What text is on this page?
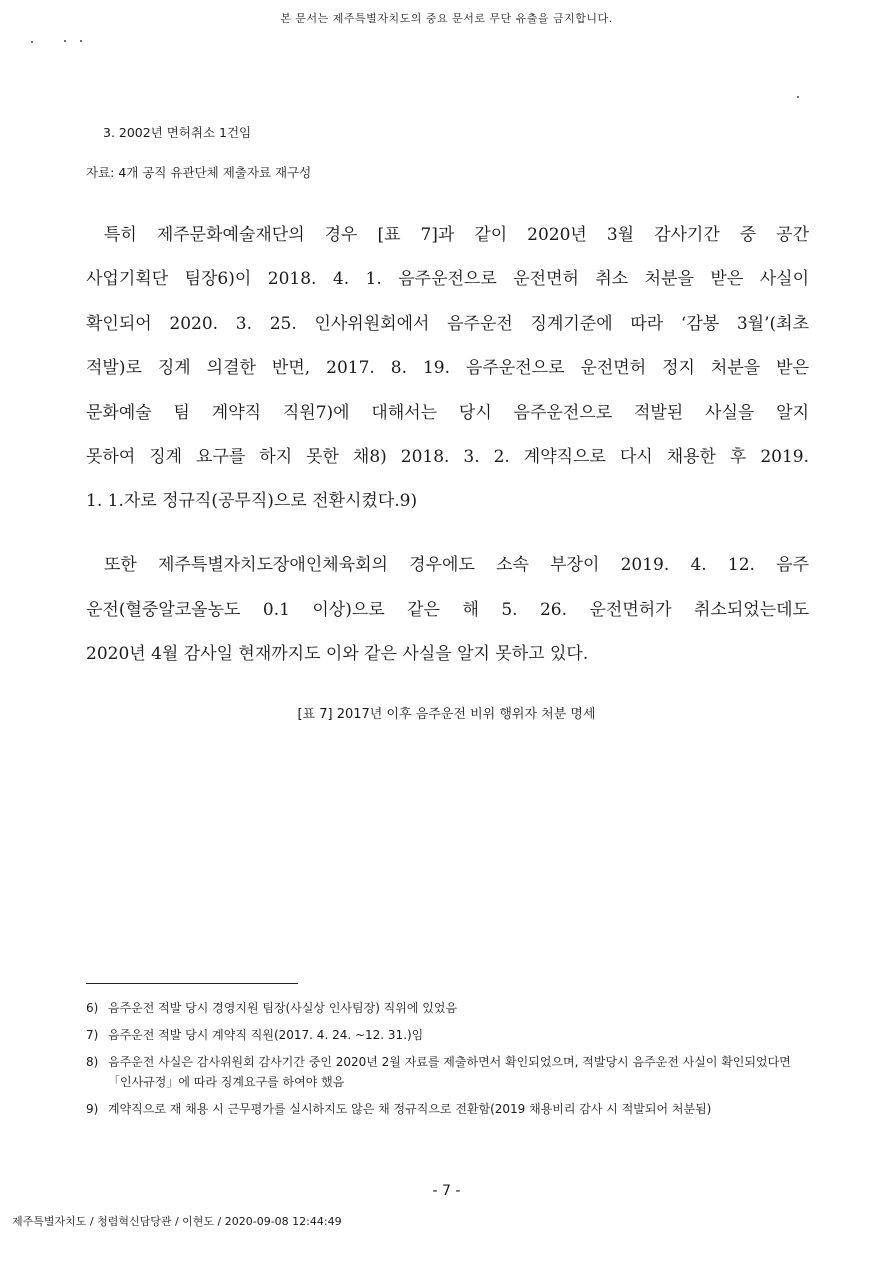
본 문서는 제주특별자치도의 중요 문서로 무단 유출을 금지합니다.
3. 2002년 면허취소 1건임
자료: 4개 공직 유관단체 제출자료 재구성
특히 제주문화예술재단의 경우 [표 7]과 같이 2020년 3월 감사기간 중 공간
사업기획단 팀장6)이 2018. 4. 1. 음주운전으로 운전면허 취소 처분을 받은 사실이
확인되어 2020. 3. 25. 인사위원회에서 음주운전 징계기준에 따라 ‘감봉 3월’(최초
적발)로 징계 의결한 반면, 2017. 8. 19. 음주운전으로 운전면허 정지 처분을 받은
문화예술 팀 계약직 직원7)에 대해서는 당시 음주운전으로 적발된 사실을 알지
못하여 징계 요구를 하지 못한 채8) 2018. 3. 2. 계약직으로 다시 채용한 후 2019.
1. 1.자로 정규직(공무직)으로 전환시켰다.9)
또한 제주특별자치도장애인체육회의 경우에도 소속 부장이 2019. 4. 12. 음주
운전(혈중알코올농도 0.1 이상)으로 같은 해 5. 26. 운전면허가 취소되었는데도
2020년 4월 감사일 현재까지도 이와 같은 사실을 알지 못하고 있다.
[표 7] 2017년 이후 음주운전 비위 행위자 처분 명세
6) 음주운전 적발 당시 경영지원 팀장(사실상 인사팀장) 직위에 있었음
7) 음주운전 적발 당시 계약직 직원(2017. 4. 24. ~12. 31.)임
8) 음주운전 사실은 감사위원회 감사기간 중인 2020년 2월 자료를 제출하면서 확인되었으며, 적발당시 음주운전 사실이 확인되었다면 「인사규정」에 따라 징계요구를 하여야 했음
9) 계약직으로 재 채용 시 근무평가를 실시하지도 않은 채 정규직으로 전환함(2019 채용비리 감사 시 적발되어 처분됨)
- 7 -
제주특별자치도 / 청렴혁신담당관 / 이현도 / 2020-09-08 12:44:49
